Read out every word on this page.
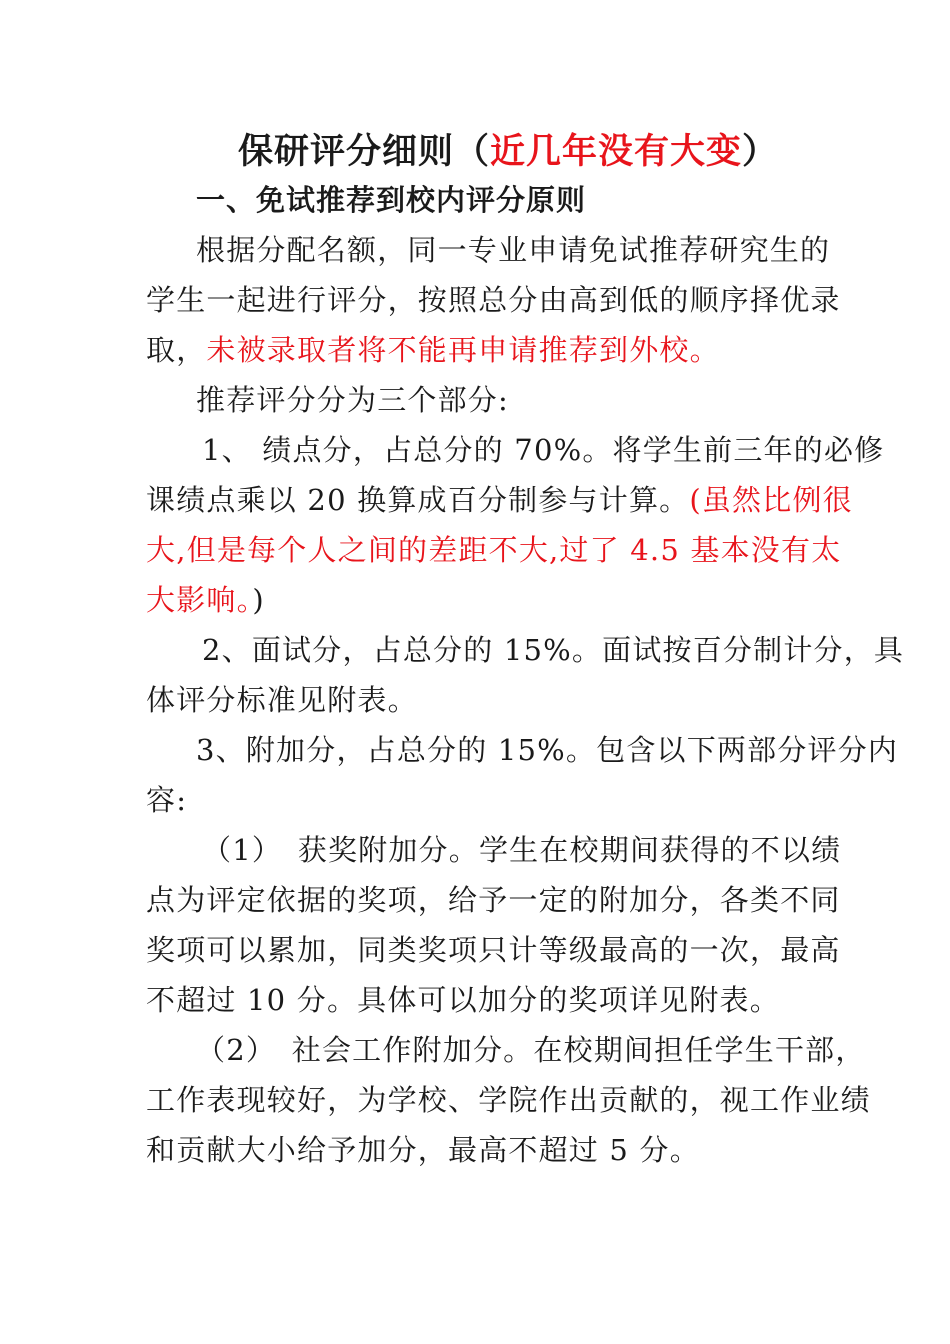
保研评分细则（近几年没有大变）
一、免试推荐到校内评分原则
根据分配名额，同一专业申请免试推荐研究生的
学生一起进行评分，按照总分由高到低的顺序择优录
取，未被录取者将不能再申请推荐到外校。
推荐评分分为三个部分:
1、 绩点分，占总分的 70%。将学生前三年的必修
课绩点乘以 20 换算成百分制参与计算。(虽然比例很
大,但是每个人之间的差距不大,过了 4.5 基本没有太
大影响。)
2、面试分，占总分的 15%。面试按百分制计分，具
体评分标准见附表。
3、附加分，占总分的 15%。包含以下两部分评分内
容:
（1）　获奖附加分。学生在校期间获得的不以绩
点为评定依据的奖项，给予一定的附加分，各类不同
奖项可以累加，同类奖项只计等级最高的一次，最高
不超过 10 分。具体可以加分的奖项详见附表。
（2）　社会工作附加分。在校期间担任学生干部，
工作表现较好，为学校、学院作出贡献的，视工作业绩
和贡献大小给予加分，最高不超过 5 分。
